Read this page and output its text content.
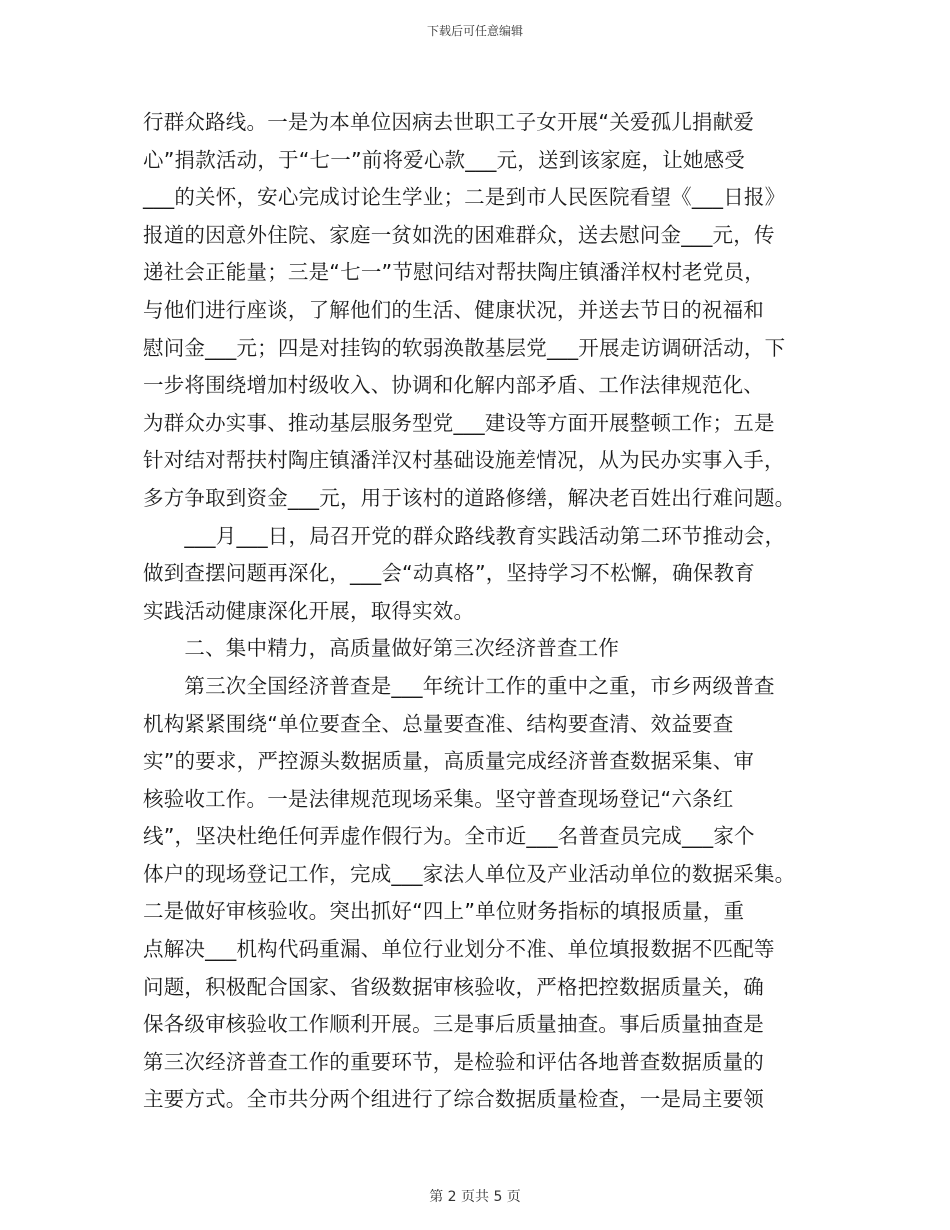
下载后可任意编辑
行群众路线。一是为本单位因病去世职工子女开展“关爱孤儿捐献爱
心”捐款活动，于“七一”前将爱心款___元，送到该家庭，让她感受
___的关怀，安心完成讨论生学业；二是到市人民医院看望《___日报》
报道的因意外住院、家庭一贫如洗的困难群众，送去慰问金___元，传
递社会正能量；三是“七一”节慰问结对帮扶陶庄镇潘洋权村老党员，
与他们进行座谈，了解他们的生活、健康状况，并送去节日的祝福和
慰问金___元；四是对挂钩的软弱涣散基层党___开展走访调研活动，下
一步将围绕增加村级收入、协调和化解内部矛盾、工作法律规范化、
为群众办实事、推动基层服务型党___建设等方面开展整顿工作；五是
针对结对帮扶村陶庄镇潘洋汉村基础设施差情况，从为民办实事入手，
多方争取到资金___元，用于该村的道路修缮，解决老百姓出行难问题。
　　___月___日，局召开党的群众路线教育实践活动第二环节推动会，
做到查摆问题再深化，___会“动真格”，坚持学习不松懈，确保教育
实践活动健康深化开展，取得实效。
　　二、集中精力，高质量做好第三次经济普查工作
　　第三次全国经济普查是___年统计工作的重中之重，市乡两级普查
机构紧紧围绕“单位要查全、总量要查准、结构要查清、效益要查
实”的要求，严控源头数据质量，高质量完成经济普查数据采集、审
核验收工作。一是法律规范现场采集。坚守普查现场登记“六条红
线”，坚决杜绝任何弄虚作假行为。全市近___名普查员完成___家个
体户的现场登记工作，完成___家法人单位及产业活动单位的数据采集。
二是做好审核验收。突出抓好“四上”单位财务指标的填报质量，重
点解决___机构代码重漏、单位行业划分不准、单位填报数据不匹配等
问题，积极配合国家、省级数据审核验收，严格把控数据质量关，确
保各级审核验收工作顺利开展。三是事后质量抽查。事后质量抽查是
第三次经济普查工作的重要环节，是检验和评估各地普查数据质量的
主要方式。全市共分两个组进行了综合数据质量检查，一是局主要领
第 2 页共 5 页
